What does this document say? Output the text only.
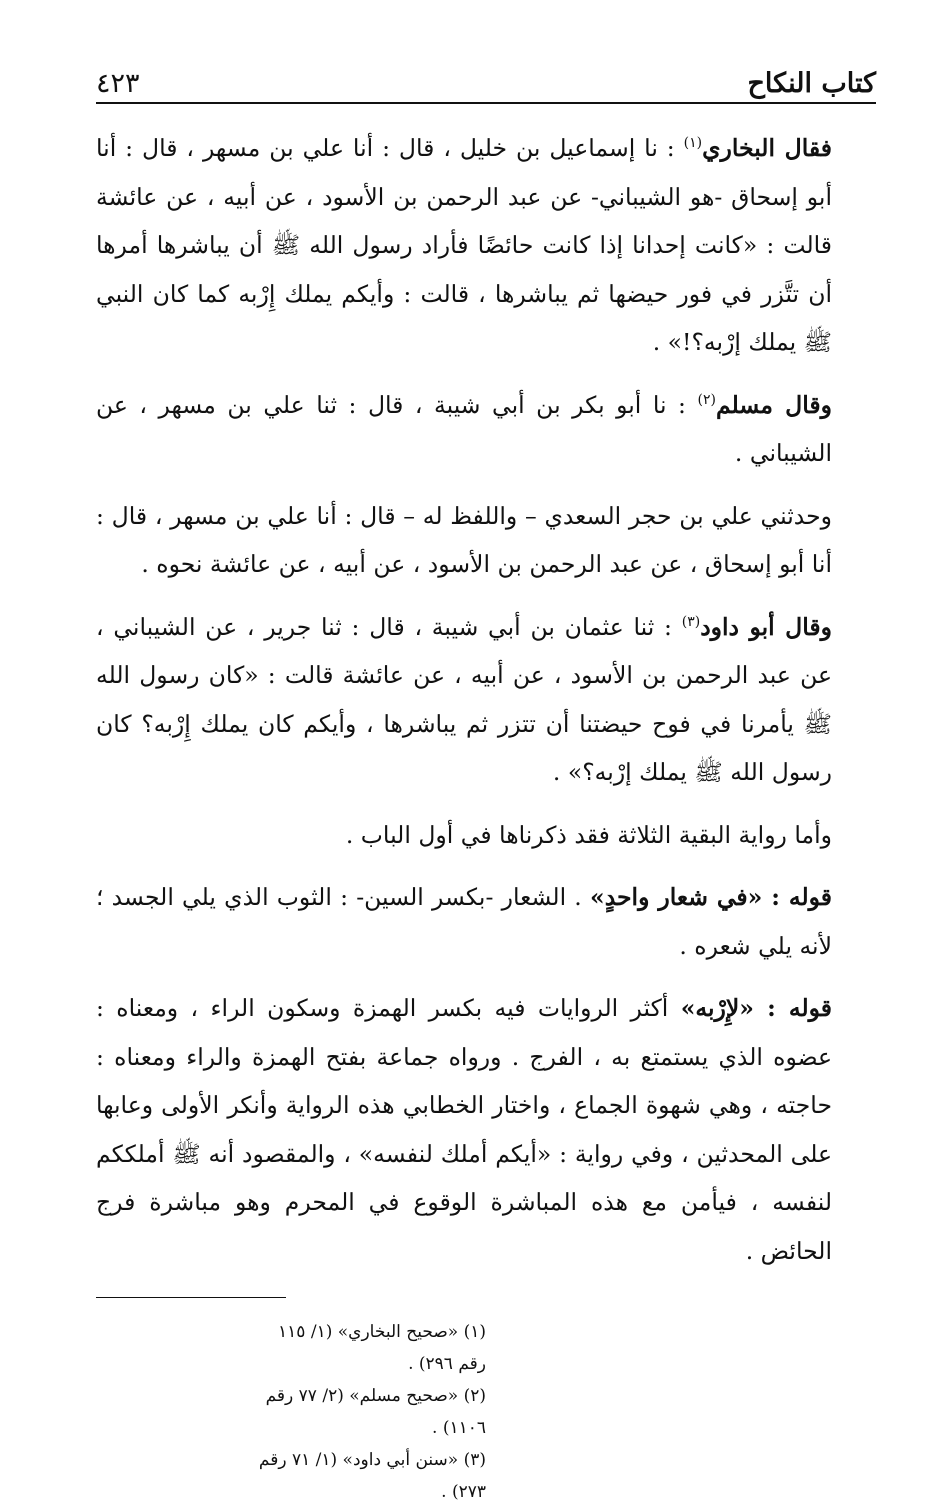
كتاب النكاح
٤٢٣

فقال البخاري$^{(١)}$ : نا إسماعيل بن خليل ، قال : أنا علي بن مسهر ، قال : أنا أبو إسحاق -هو الشيباني- عن عبد الرحمن بن الأسود ، عن أبيه ، عن عائشة قالت : «كانت إحدانا إذا كانت حائضًا فأراد رسول الله ﷺ أن يباشرها أمرها أن تتَّزر في فور حيضها ثم يباشرها ، قالت : وأيكم يملك إِرْبه كما كان النبي ﷺ يملك إرْبه؟!» .

وقال مسلم$^{(٢)}$ : نا أبو بكر بن أبي شيبة ، قال : ثنا علي بن مسهر ، عن الشيباني .

وحدثني علي بن حجر السعدي – واللفظ له – قال : أنا علي بن مسهر ، قال : أنا أبو إسحاق ، عن عبد الرحمن بن الأسود ، عن أبيه ، عن عائشة نحوه .

وقال أبو داود$^{(٣)}$ : ثنا عثمان بن أبي شيبة ، قال : ثنا جرير ، عن الشيباني ، عن عبد الرحمن بن الأسود ، عن أبيه ، عن عائشة قالت : «كان رسول الله ﷺ يأمرنا في فوح حيضتنا أن تتزر ثم يباشرها ، وأيكم كان يملك إِرْبه؟ كان رسول الله ﷺ يملك إرْبه؟» .

وأما رواية البقية الثلاثة فقد ذكرناها في أول الباب .

قوله : «في شعار واحدٍ» . الشعار -بكسر السين- : الثوب الذي يلي الجسد ؛ لأنه يلي شعره .

قوله : «لإِرْبه» أكثر الروايات فيه بكسر الهمزة وسكون الراء ، ومعناه : عضوه الذي يستمتع به ، الفرج . ورواه جماعة بفتح الهمزة والراء ومعناه : حاجته ، وهي شهوة الجماع ، واختار الخطابي هذه الرواية وأنكر الأولى وعابها على المحدثين ، وفي رواية : «أيكم أملك لنفسه» ، والمقصود أنه ﷺ أملككم لنفسه ، فيأمن مع هذه المباشرة الوقوع في المحرم وهو مباشرة فرج الحائض .

(١) «صحيح البخاري» (١/ ١١٥ رقم ٢٩٦) .
(٢) «صحيح مسلم» (٢/ ٧٧ رقم ١١٠٦) .
(٣) «سنن أبي داود» (١/ ٧١ رقم ٢٧٣) .
